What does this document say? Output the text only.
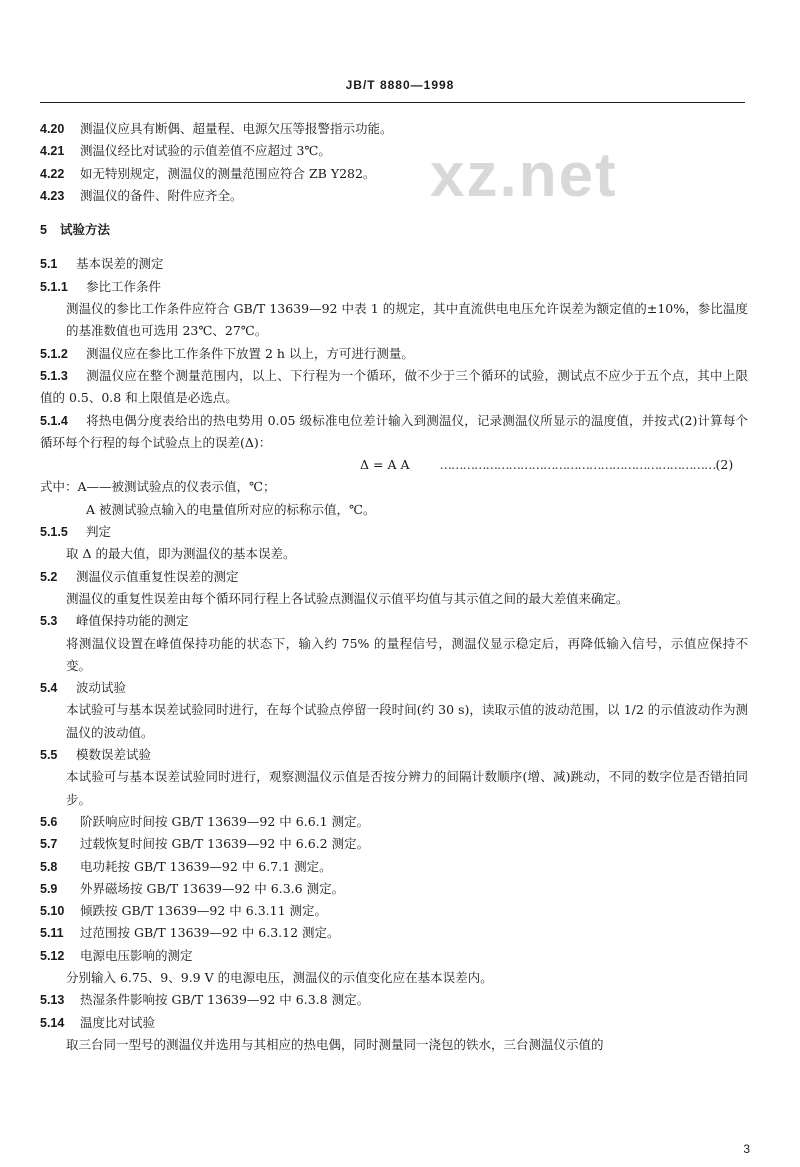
JB/T 8880—1998
xz.net
4.20 测温仪应具有断偶、超量程、电源欠压等报警指示功能。
4.21 测温仪经比对试验的示值差值不应超过 3℃。
4.22 如无特别规定，测温仪的测量范围应符合 ZB Y282。
4.23 测温仪的备件、附件应齐全。
5 试验方法
5.1 基本误差的测定
5.1.1 参比工作条件
测温仪的参比工作条件应符合 GB/T 13639—92 中表 1 的规定，其中直流供电电压允许误差为额定值的±10%，参比温度的基准数值也可选用 23℃、27℃。
5.1.2 测温仪应在参比工作条件下放置 2 h 以上，方可进行测量。
5.1.3 测温仪应在整个测量范围内，以上、下行程为一个循环，做不少于三个循环的试验，测试点不应少于五个点，其中上限值的 0.5、0.8 和上限值是必选点。
5.1.4 将热电偶分度表给出的热电势用 0.05 级标准电位差计输入到测温仪，记录测温仪所显示的温度值，并按式(2)计算每个循环每个行程的每个试验点上的误差(Δ)：
Δ = A A ………………………………………………………………(2)
式中：A——被测试验点的仪表示值，℃；
A 被测试验点输入的电量值所对应的标称示值，℃。
5.1.5 判定
取 Δ 的最大值，即为测温仪的基本误差。
5.2 测温仪示值重复性误差的测定
测温仪的重复性误差由每个循环同行程上各试验点测温仪示值平均值与其示值之间的最大差值来确定。
5.3 峰值保持功能的测定
将测温仪设置在峰值保持功能的状态下，输入约 75% 的量程信号，测温仪显示稳定后，再降低输入信号，示值应保持不变。
5.4 波动试验
本试验可与基本误差试验同时进行，在每个试验点停留一段时间(约 30 s)，读取示值的波动范围，以 1/2 的示值波动作为测温仪的波动值。
5.5 模数误差试验
本试验可与基本误差试验同时进行，观察测温仪示值是否按分辨力的间隔计数顺序(增、减)跳动，不同的数字位是否错拍同步。
5.6 阶跃响应时间按 GB/T 13639—92 中 6.6.1 测定。
5.7 过载恢复时间按 GB/T 13639—92 中 6.6.2 测定。
5.8 电功耗按 GB/T 13639—92 中 6.7.1 测定。
5.9 外界磁场按 GB/T 13639—92 中 6.3.6 测定。
5.10 倾跌按 GB/T 13639—92 中 6.3.11 测定。
5.11 过范围按 GB/T 13639—92 中 6.3.12 测定。
5.12 电源电压影响的测定
分别输入 6.75、9、9.9 V 的电源电压，测温仪的示值变化应在基本误差内。
5.13 热湿条件影响按 GB/T 13639—92 中 6.3.8 测定。
5.14 温度比对试验
取三台同一型号的测温仪并选用与其相应的热电偶，同时测量同一浇包的铁水，三台测温仪示值的
3
